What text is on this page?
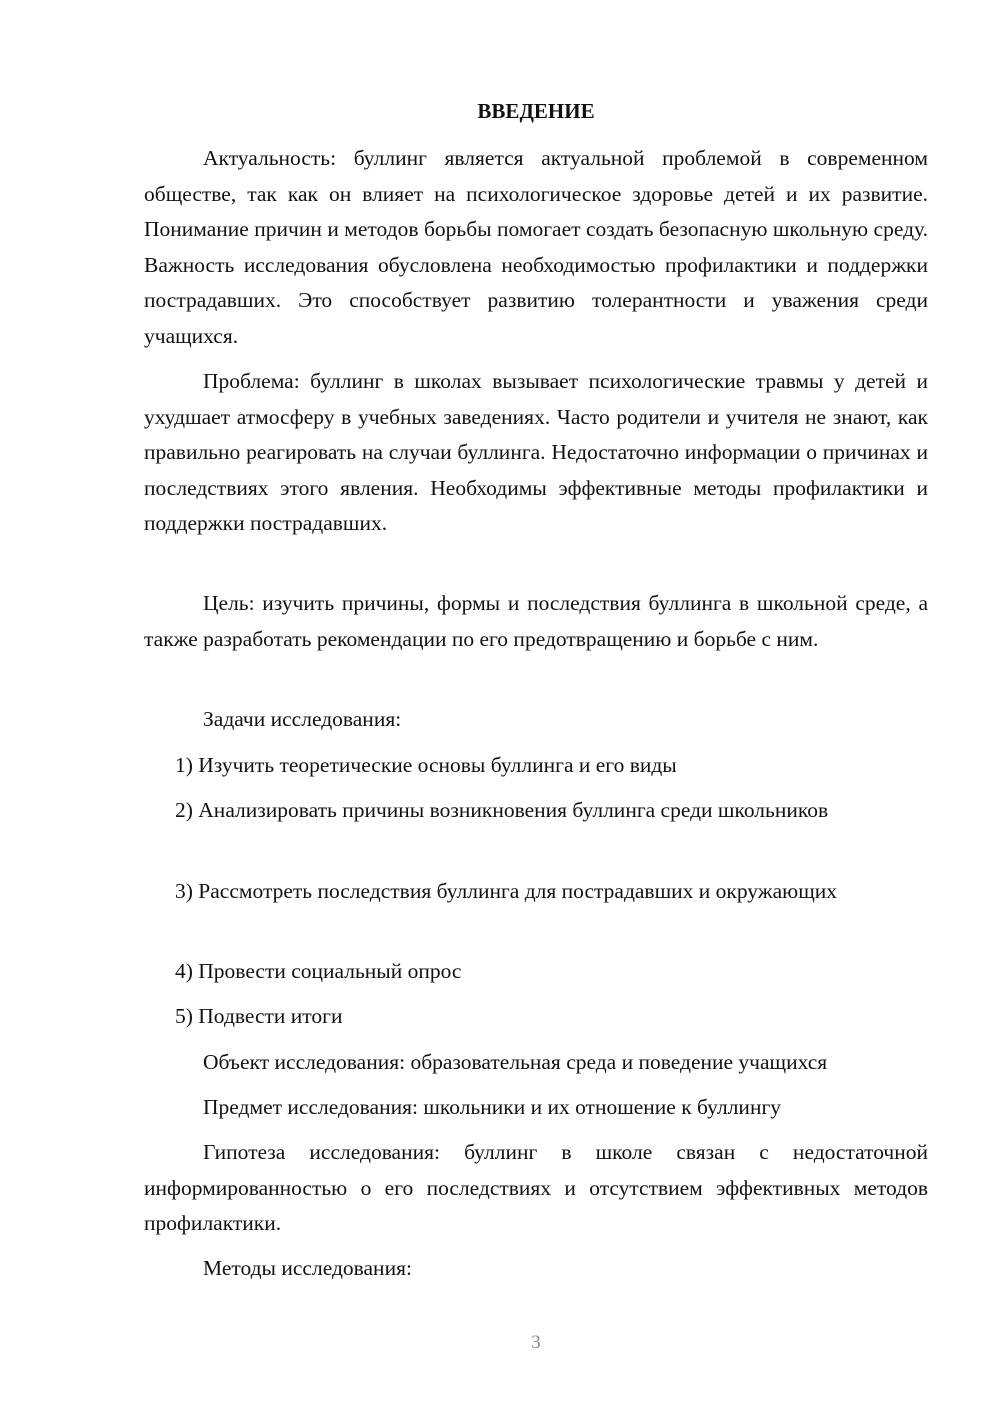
ВВЕДЕНИЕ

Актуальность: буллинг является актуальной проблемой в современном обществе, так как он влияет на психологическое здоровье детей и их развитие. Понимание причин и методов борьбы помогает создать безопасную школьную среду. Важность исследования обусловлена необходимостью профилактики и поддержки пострадавших. Это способствует развитию толерантности и уважения среди учащихся.

Проблема: буллинг в школах вызывает психологические травмы у детей и ухудшает атмосферу в учебных заведениях. Часто родители и учителя не знают, как правильно реагировать на случаи буллинга. Недостаточно информации о причинах и последствиях этого явления. Необходимы эффективные методы профилактики и поддержки пострадавших.

Цель: изучить причины, формы и последствия буллинга в школьной среде, а также разработать рекомендации по его предотвращению и борьбе с ним.

Задачи исследования:

1) Изучить теоретические основы буллинга и его виды

2) Анализировать причины возникновения буллинга среди школьников

3) Рассмотреть последствия буллинга для пострадавших и окружающих

4) Провести социальный опрос

5) Подвести итоги

Объект исследования: образовательная среда и поведение учащихся

Предмет исследования: школьники и их отношение к буллингу

Гипотеза исследования: буллинг в школе связан с недостаточной информированностью о его последствиях и отсутствием эффективных методов профилактики.

Методы исследования:

3
